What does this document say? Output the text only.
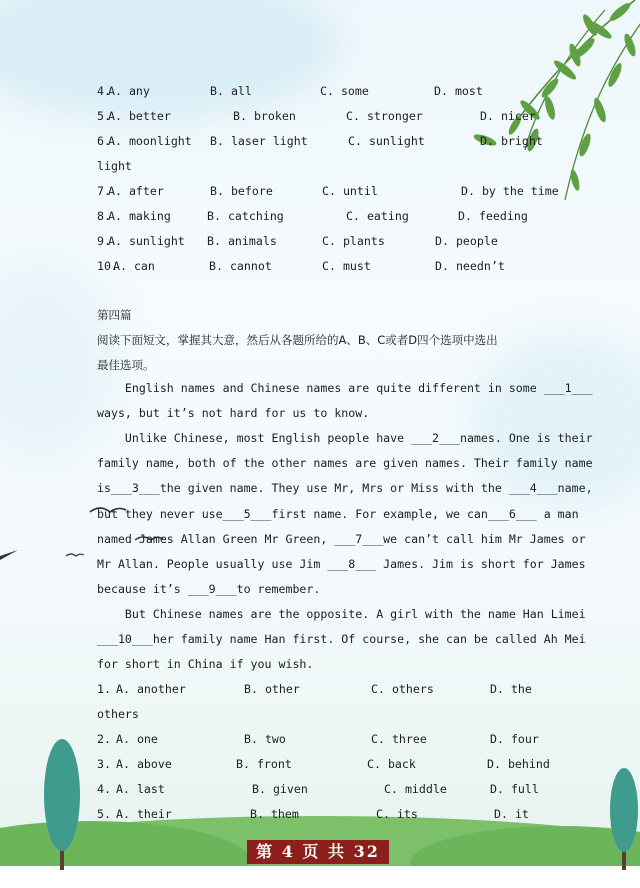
4.
A. any	B. all	C. some	D. most
5.
A. better	B. broken	C. stronger	D. nicer
6.
A. moonlight B. laser light	C. sunlight	D. bright
light
7.
A. after	B. before	C. until	D. by the time
8.
A. making	B. catching	C. eating	D. feeding
9.
A. sunlight B. animals	C. plants	D. people
10.
A. can	B. cannot	C. must	D. needn’t
第四篇
阅读下面短文，掌握其大意，然后从各题所给的A、B、C或者D四个选项中选出
最佳选项。
English names and Chinese names are quite different in some ___1___
ways, but it’s not hard for us to know.
Unlike Chinese, most English people have ___2___names. One is their
family name, both of the other names are given names. Their family name
is___3___the given name. They use Mr, Mrs or Miss with the ___4___name,
but they never use___5___first name. For example, we can___6___ a man
named James Allan Green Mr Green, ___7___we can’t call him Mr James or
Mr Allan. People usually use Jim ___8___ James. Jim is short for James
because it’s ___9___to remember.
But Chinese names are the opposite. A girl with the name Han Limei
___10___her family name Han first. Of course, she can be called Ah Mei
for short in China if you wish.
1. A. another	B. other	C. others	D. the
others
2. A. one	B. two	C. three	D. four
3. A. above	B. front	C. back	D. behind
4. A. last	B. given	C. middle	D. full
5. A. their	B. them	C. its	D. it
第 4 页 共 32 页
